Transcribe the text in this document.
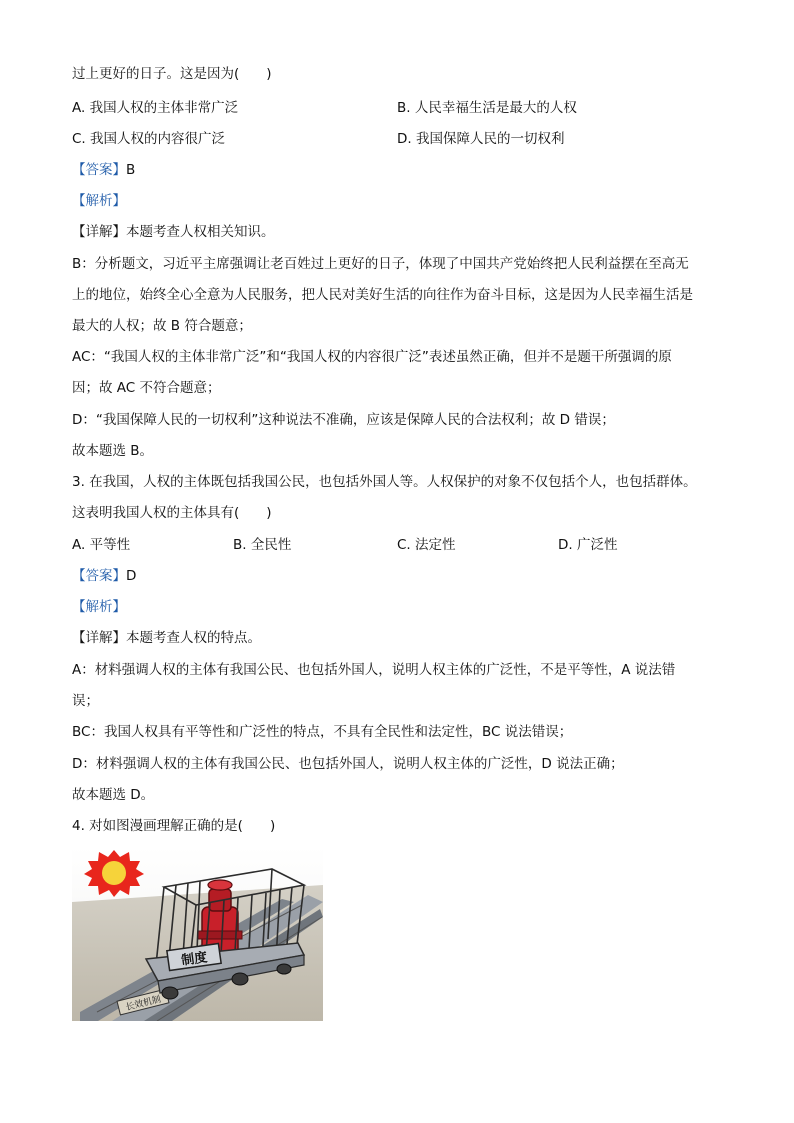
过上更好的日子。这是因为(　　)
A. 我国人权的主体非常广泛	B. 人民幸福生活是最大的人权
C. 我国人权的内容很广泛	D. 我国保障人民的一切权利
【答案】B
【解析】
【详解】本题考查人权相关知识。
B：分析题文，习近平主席强调让老百姓过上更好的日子，体现了中国共产党始终把人民利益摆在至高无
上的地位，始终全心全意为人民服务，把人民对美好生活的向往作为奋斗目标，这是因为人民幸福生活是
最大的人权；故 B 符合题意；
AC：“我国人权的主体非常广泛”和“我国人权的内容很广泛”表述虽然正确，但并不是题干所强调的原
因；故 AC 不符合题意；
D：“我国保障人民的一切权利”这种说法不准确，应该是保障人民的合法权利；故 D 错误；
故本题选 B。
3. 在我国，人权的主体既包括我国公民，也包括外国人等。人权保护的对象不仅包括个人，也包括群体。
这表明我国人权的主体具有(　　)
A. 平等性	B. 全民性	C. 法定性	D. 广泛性
【答案】D
【解析】
【详解】本题考查人权的特点。
A：材料强调人权的主体有我国公民、也包括外国人，说明人权主体的广泛性，不是平等性，A 说法错
误；
BC：我国人权具有平等性和广泛性的特点，不具有全民性和法定性，BC 说法错误；
D：材料强调人权的主体有我国公民、也包括外国人，说明人权主体的广泛性，D 说法正确；
故本题选 D。
4. 对如图漫画理解正确的是(　　)
长效机制
制度
